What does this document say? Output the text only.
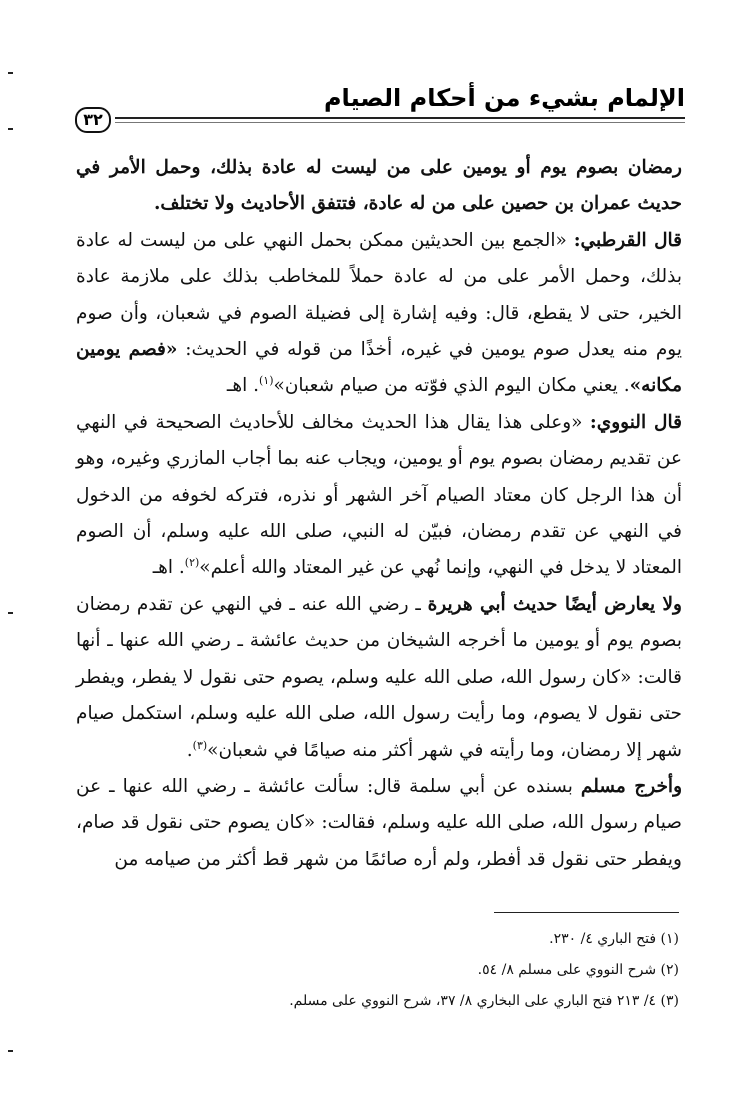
الإلمام بشيء من أحكام الصيام
٣٢

رمضان بصوم يوم أو يومين على من ليست له عادة بذلك، وحمل الأمر في حديث عمران بن حصين على من له عادة، فتتفق الأحاديث ولا تختلف.

قال القرطبي: «الجمع بين الحديثين ممكن بحمل النهي على من ليست له عادة بذلك، وحمل الأمر على من له عادة حملاً للمخاطب بذلك على ملازمة عادة الخير، حتى لا يقطع، قال: وفيه إشارة إلى فضيلة الصوم في شعبان، وأن صوم يوم منه يعدل صوم يومين في غيره، أخذًا من قوله في الحديث: «فصم يومين مكانه». يعني مكان اليوم الذي فوّته من صيام شعبان»$^{(١)}$. اهـ

قال النووي: «وعلى هذا يقال هذا الحديث مخالف للأحاديث الصحيحة في النهي عن تقديم رمضان بصوم يوم أو يومين، ويجاب عنه بما أجاب المازري وغيره، وهو أن هذا الرجل كان معتاد الصيام آخر الشهر أو نذره، فتركه لخوفه من الدخول في النهي عن تقدم رمضان، فبيّن له النبي، صلى الله عليه وسلم، أن الصوم المعتاد لا يدخل في النهي، وإنما نُهي عن غير المعتاد والله أعلم»$^{(٢)}$. اهـ

ولا يعارض أيضًا حديث أبي هريرة ـ رضي الله عنه ـ في النهي عن تقدم رمضان بصوم يوم أو يومين ما أخرجه الشيخان من حديث عائشة ـ رضي الله عنها ـ أنها قالت: «كان رسول الله، صلى الله عليه وسلم، يصوم حتى نقول لا يفطر، ويفطر حتى نقول لا يصوم، وما رأيت رسول الله، صلى الله عليه وسلم، استكمل صيام شهر إلا رمضان، وما رأيته في شهر أكثر منه صيامًا في شعبان»$^{(٣)}$.

وأخرج مسلم بسنده عن أبي سلمة قال: سألت عائشة ـ رضي الله عنها ـ عن صيام رسول الله، صلى الله عليه وسلم، فقالت: «كان يصوم حتى نقول قد صام، ويفطر حتى نقول قد أفطر، ولم أره صائمًا من شهر قط أكثر من صيامه من

(١) فتح الباري ٤/ ٢٣٠.
(٢) شرح النووي على مسلم ٨/ ٥٤.
(٣) ٤/ ٢١٣ فتح الباري على البخاري ٨/ ٣٧، شرح النووي على مسلم.
